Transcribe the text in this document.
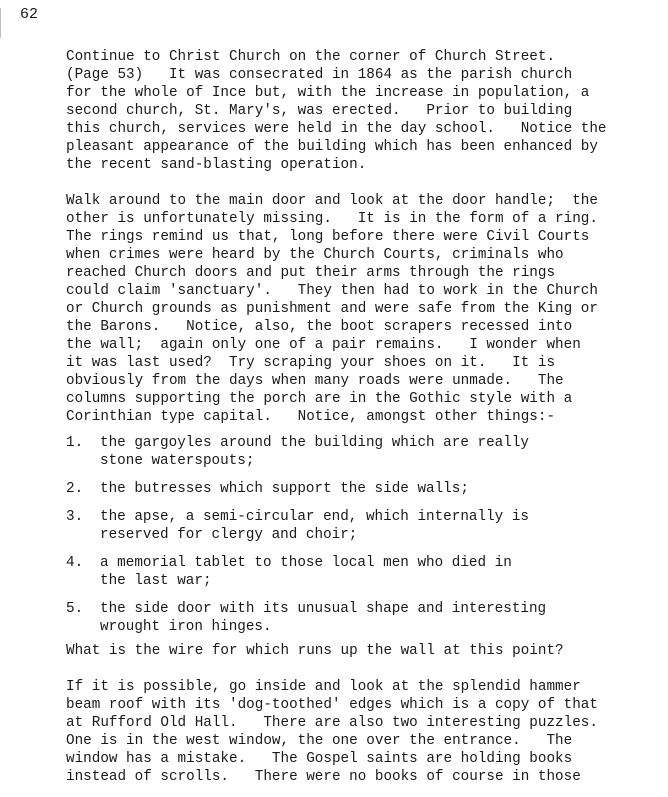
62
Continue to Christ Church on the corner of Church Street.
(Page 53)   It was consecrated in 1864 as the parish church
for the whole of Ince but, with the increase in population, a
second church, St. Mary's, was erected.   Prior to building
this church, services were held in the day school.   Notice the
pleasant appearance of the building which has been enhanced by
the recent sand-blasting operation.
Walk around to the main door and look at the door handle;  the
other is unfortunately missing.   It is in the form of a ring.
The rings remind us that, long before there were Civil Courts
when crimes were heard by the Church Courts, criminals who
reached Church doors and put their arms through the rings
could claim 'sanctuary'.   They then had to work in the Church
or Church grounds as punishment and were safe from the King or
the Barons.   Notice, also, the boot scrapers recessed into
the wall;  again only one of a pair remains.   I wonder when
it was last used?  Try scraping your shoes on it.   It is
obviously from the days when many roads were unmade.   The
columns supporting the porch are in the Gothic style with a
Corinthian type capital.   Notice, amongst other things:-
1. the gargoyles around the building which are really
stone waterspouts;
2. the butresses which support the side walls;
3. the apse, a semi-circular end, which internally is
reserved for clergy and choir;
4. a memorial tablet to those local men who died in
the last war;
5. the side door with its unusual shape and interesting
wrought iron hinges.
What is the wire for which runs up the wall at this point?
If it is possible, go inside and look at the splendid hammer
beam roof with its 'dog-toothed' edges which is a copy of that
at Rufford Old Hall.   There are also two interesting puzzles.
One is in the west window, the one over the entrance.   The
window has a mistake.   The Gospel saints are holding books
instead of scrolls.   There were no books of course in those
